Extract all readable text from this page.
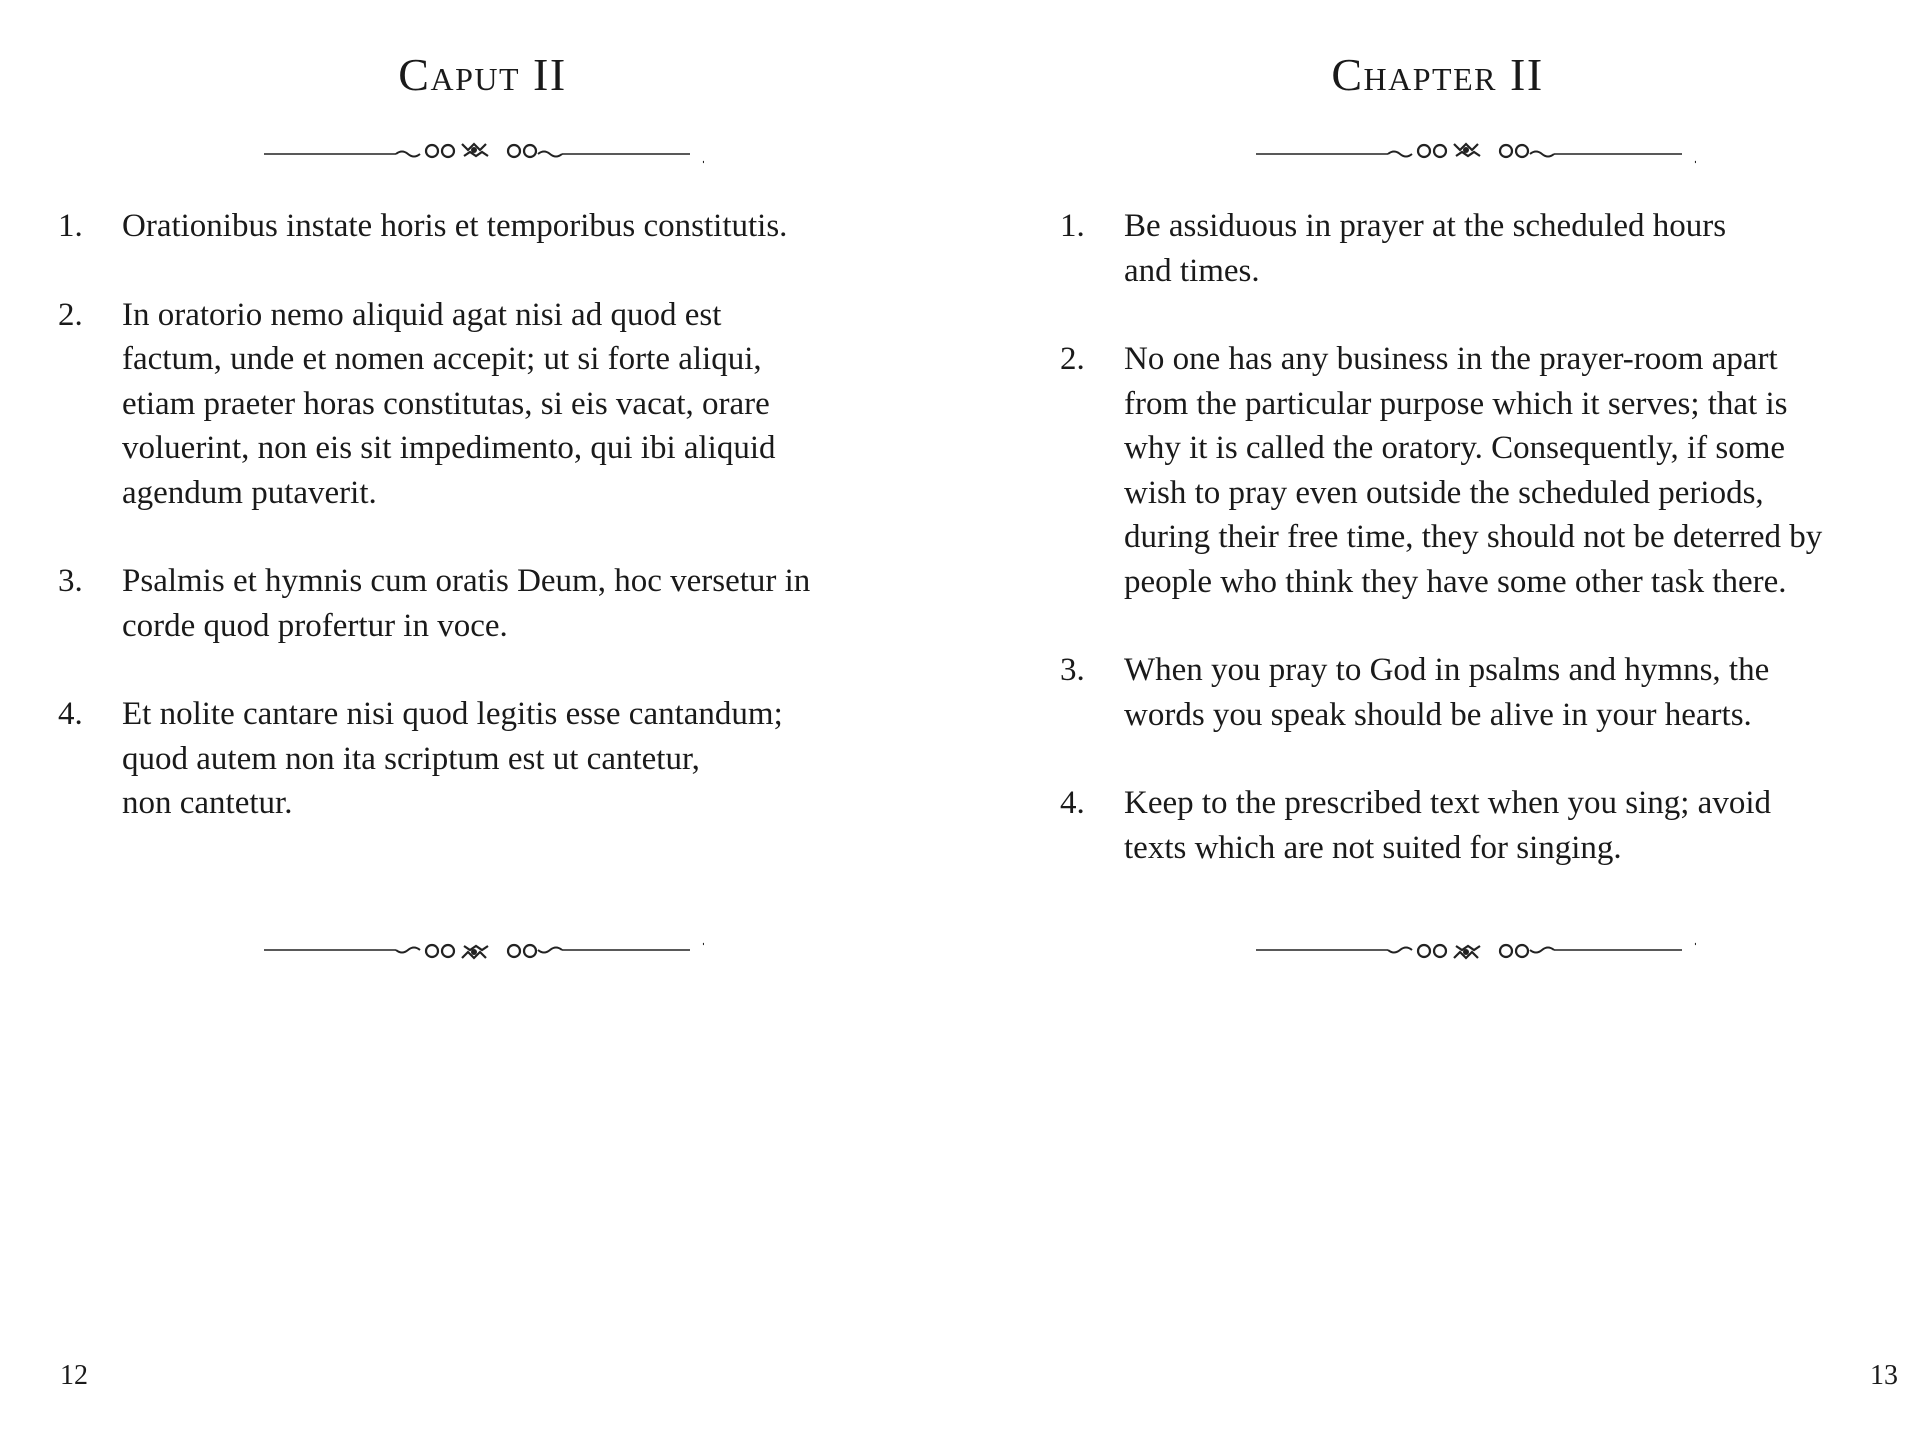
Caput II
1. Orationibus instate horis et temporibus constitutis.
2. In oratorio nemo aliquid agat nisi ad quod est
factum, unde et nomen accepit; ut si forte aliqui,
etiam praeter horas constitutas, si eis vacat, orare
voluerint, non eis sit impedimento, qui ibi aliquid
agendum putaverit.
3. Psalmis et hymnis cum oratis Deum, hoc versetur in
corde quod profertur in voce.
4. Et nolite cantare nisi quod legitis esse cantandum;
quod autem non ita scriptum est ut cantetur,
non cantetur.
12
Chapter II
1. Be assiduous in prayer at the scheduled hours
and times.
2. No one has any business in the prayer-room apart
from the particular purpose which it serves; that is
why it is called the oratory. Consequently, if some
wish to pray even outside the scheduled periods,
during their free time, they should not be deterred by
people who think they have some other task there.
3. When you pray to God in psalms and hymns, the
words you speak should be alive in your hearts.
4. Keep to the prescribed text when you sing; avoid
texts which are not suited for singing.
13
